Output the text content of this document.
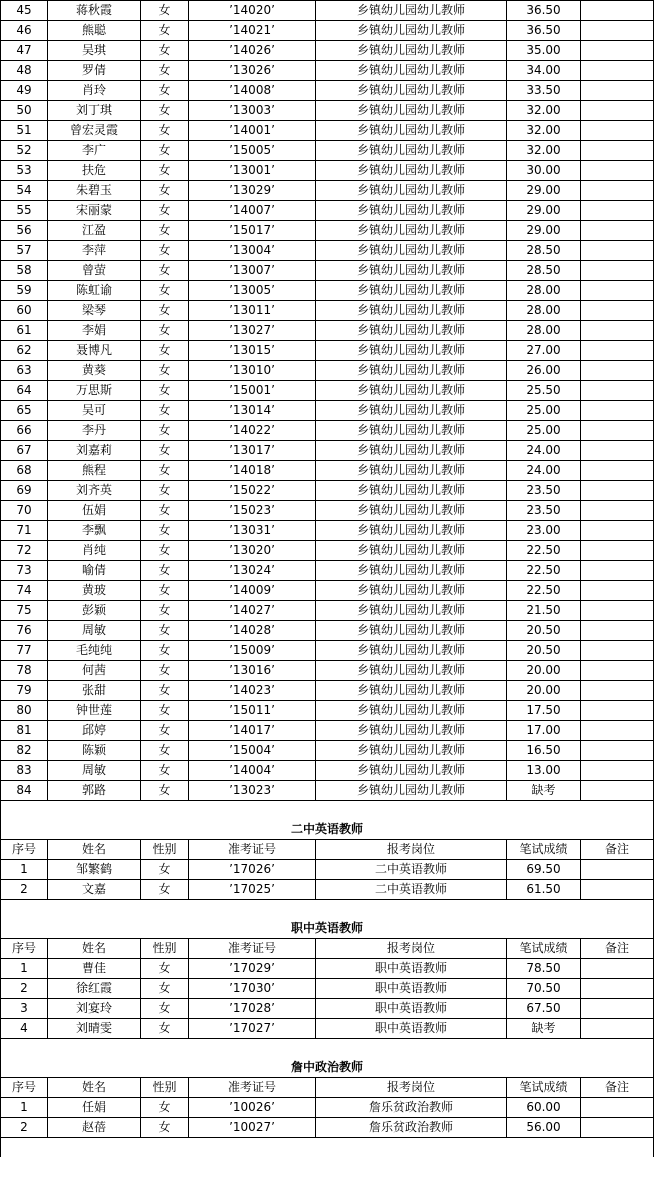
45	蒋秋霞	女	’14020’	乡镇幼儿园幼儿教师	36.50	
46	熊聪	女	’14021’	乡镇幼儿园幼儿教师	36.50	
47	吴琪	女	’14026’	乡镇幼儿园幼儿教师	35.00	
48	罗倩	女	’13026’	乡镇幼儿园幼儿教师	34.00	
49	肖玲	女	’14008’	乡镇幼儿园幼儿教师	33.50	
50	刘丁琪	女	’13003’	乡镇幼儿园幼儿教师	32.00	
51	曾宏灵霞	女	’14001’	乡镇幼儿园幼儿教师	32.00	
52	李广	女	’15005’	乡镇幼儿园幼儿教师	32.00	
53	扶危	女	’13001’	乡镇幼儿园幼儿教师	30.00	
54	朱碧玉	女	’13029’	乡镇幼儿园幼儿教师	29.00	
55	宋丽蒙	女	’14007’	乡镇幼儿园幼儿教师	29.00	
56	江盈	女	’15017’	乡镇幼儿园幼儿教师	29.00	
57	李萍	女	’13004’	乡镇幼儿园幼儿教师	28.50	
58	曾萤	女	’13007’	乡镇幼儿园幼儿教师	28.50	
59	陈虹谕	女	’13005’	乡镇幼儿园幼儿教师	28.00	
60	梁琴	女	’13011’	乡镇幼儿园幼儿教师	28.00	
61	李娟	女	’13027’	乡镇幼儿园幼儿教师	28.00	
62	聂博凡	女	’13015’	乡镇幼儿园幼儿教师	27.00	
63	黄葵	女	’13010’	乡镇幼儿园幼儿教师	26.00	
64	万思斯	女	’15001’	乡镇幼儿园幼儿教师	25.50	
65	吴可	女	’13014’	乡镇幼儿园幼儿教师	25.00	
66	李丹	女	’14022’	乡镇幼儿园幼儿教师	25.00	
67	刘嘉莉	女	’13017’	乡镇幼儿园幼儿教师	24.00	
68	熊程	女	’14018’	乡镇幼儿园幼儿教师	24.00	
69	刘齐英	女	’15022’	乡镇幼儿园幼儿教师	23.50	
70	伍娟	女	’15023’	乡镇幼儿园幼儿教师	23.50	
71	李飘	女	’13031’	乡镇幼儿园幼儿教师	23.00	
72	肖纯	女	’13020’	乡镇幼儿园幼儿教师	22.50	
73	喻倩	女	’13024’	乡镇幼儿园幼儿教师	22.50	
74	黄玻	女	’14009’	乡镇幼儿园幼儿教师	22.50	
75	彭颖	女	’14027’	乡镇幼儿园幼儿教师	21.50	
76	周敏	女	’14028’	乡镇幼儿园幼儿教师	20.50	
77	毛纯纯	女	’15009’	乡镇幼儿园幼儿教师	20.50	
78	何茜	女	’13016’	乡镇幼儿园幼儿教师	20.00	
79	张甜	女	’14023’	乡镇幼儿园幼儿教师	20.00	
80	钟世莲	女	’15011’	乡镇幼儿园幼儿教师	17.50	
81	邱婷	女	’14017’	乡镇幼儿园幼儿教师	17.00	
82	陈颖	女	’15004’	乡镇幼儿园幼儿教师	16.50	
83	周敏	女	’14004’	乡镇幼儿园幼儿教师	13.00	
84	郭路	女	’13023’	乡镇幼儿园幼儿教师	缺考	

二中英语教师						
序号	姓名	性别	准考证号	报考岗位	笔试成绩	备注
1	邹繁鹤	女	’17026’	二中英语教师	69.50	
2	文嘉	女	’17025’	二中英语教师	61.50	

职中英语教师						
序号	姓名	性别	准考证号	报考岗位	笔试成绩	备注
1	曹佳	女	’17029’	职中英语教师	78.50	
2	徐红霞	女	’17030’	职中英语教师	70.50	
3	刘宴玲	女	’17028’	职中英语教师	67.50	
4	刘晴雯	女	’17027’	职中英语教师	缺考	

詹中政治教师						
序号	姓名	性别	准考证号	报考岗位	笔试成绩	备注
1	任娟	女	’10026’	詹乐贫政治教师	60.00	
2	赵蓓	女	’10027’	詹乐贫政治教师	56.00	
